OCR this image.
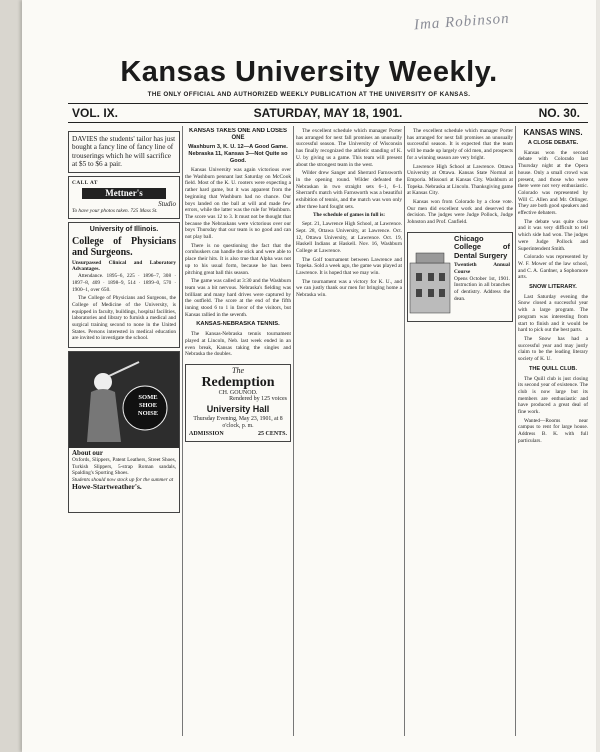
Ima Robinson
Kansas University Weekly.
THE ONLY OFFICIAL AND AUTHORIZED WEEKLY PUBLICATION AT THE UNIVERSITY OF KANSAS.
VOL. IX.	SATURDAY, MAY 18, 1901.	NO. 30.
DAVIES the students' tailor has just bought a fancy line of fancy line of trouserings which he will sacrifice at $5 to $6 a pair.
CALL AT
Mettner's
Studio
To have your photos taken. 725 Mass St.
University of Illinois.
College of Physicians and Surgeons.
Unsurpassed Clinical and Laboratory Advantages.

Attendance. 1895–6, 225 · 1896–7, 308 · 1897–8, 409 · 1898–9, 514 · 1899–0, 570 · 1900–1, over 650.

The College of Physicians and Surgeons, the College of Medicine of the University, is equipped in faculty, buildings, hospital facilities, laboratories and library to furnish a medical and surgical training second to none in the United States. Persons interested in medical education are invited to investigate the school.

SOME
SHOE
NOISE
About our
Oxfords, Slippers, Patent Leathers, Street Shoes, Turkish Slippers, 5-strap Roman sandals, Spalding's Sporting Shoes.
Students should now stock up for the summer at
Howe-Startweather's.
KANSAS TAKES ONE AND LOSES ONE
Washburn 3, K. U. 12—A Good Game. Nebraska 11, Kansas 3—Not Quite so Good.

Kansas University was again victorious over the Washburn pennant last Saturday on McCook field. Most of the K. U. rooters were expecting a rather hard game, but it was apparent from the beginning that Washburn had no chance. Our boys landed on the ball at will and made few errors, while the latter was the rule for Washburn. The score was 12 to 3. It must not be thought that because the Nebraskans were victorious over our boys Thursday that our team is no good and can not play ball.

There is no questioning the fact that the cornhuskers can handle the stick and were able to place their hits. It is also true that Alpha was not up to his usual form, because he has been pitching great ball this season.

The game was called at 3:30 and the Washburn team was a bit nervous. Nebraska's fielding was brilliant and many hard drives were captured by the outfield. The score at the end of the fifth inning stood 6 to 1 in favor of the visitors, but Kansas rallied in the seventh.

KANSAS-NEBRASKA TENNIS.

The Kansas-Nebraska tennis tournament played at Lincoln, Neb. last week ended in an even break, Kansas taking the singles and Nebraska the doubles.

The
Redemption
CH. GOUNOD.
Rendered by 125 voices
University Hall
Thursday Evening, May 23, 1901, at 8 o'clock, p. m.
ADMISSION	25 CENTS.

The excellent schedule which manager Porter has arranged for next fall promises an unusually successful season. The University of Wisconsin has finally recognized the athletic standing of K. U. by giving us a game. This team will present about the strongest team in the west.

Wilder drew Sanger and Sherrard Farnsworth in the opening round. Wilder defeated the Nebraskan in two straight sets 6–1, 6–1. Sherrard's match with Farnsworth was a beautiful exhibition of tennis, and the match was won only after three hard fought sets.

The schedule of games in full is:

Sept. 21, Lawrence High School, at Lawrence. Sept. 28, Ottawa University, at Lawrence. Oct. 12, Ottawa University, at Lawrence. Oct. 19, Haskell Indians at Haskell. Nov. 16, Washburn College at Lawrence.

The Golf tournament between Lawrence and Topeka. Sold a week ago, the game was played at Lawrence. It is hoped that we may win.

The tournament was a victory for K. U., and we can justly thank our men for bringing home a Nebraska win.

The excellent schedule which manager Porter has arranged for next fall promises an unusually successful season. It is expected that the team will be made up largely of old men, and prospects for a winning season are very bright.

Lawrence High School at Lawrence. Ottawa University at Ottawa. Kansas State Normal at Emporia. Missouri at Kansas City. Washburn at Topeka. Nebraska at Lincoln. Thanksgiving game at Kansas City.

Kansas won from Colorado by a close vote. Our men did excellent work and deserved the decision. The judges were Judge Pollock, Judge Johnston and Prof. Canfield.

Chicago College of Dental Surgery
Twentieth Annual Course
Opens October 1st, 1901. Instruction in all branches of dentistry. Address the dean.
KANSAS WINS.
A CLOSE DEBATE.

Kansas won the second debate with Colorado last Thursday night at the Opera house. Only a small crowd was present, and those who were there were not very enthusiastic. Colorado was represented by Will C. Allen and Mr. Otlinger. They are both good speakers and effective debaters.

The debate was quite close and it was very difficult to tell which side had won. The judges were Judge Pollock and Superintendent Smith.

Colorado was represented by W. F. Mower of the law school, and C. A. Gardner, a Sophomore arts.

SNOW LITERARY.

Last Saturday evening the Snow closed a successful year with a large program. The program was interesting from start to finish and it would be hard to pick out the best parts.

The Snow has had a successful year and may justly claim to be the leading literary society of K. U.

THE QUILL CLUB.

The Quill club is just closing its second year of existence. The club is now large but its members are enthusiastic and have produced a great deal of fine work.

Wanted—Rooms near campus to rent for large house. Address B. K. with full particulars.
